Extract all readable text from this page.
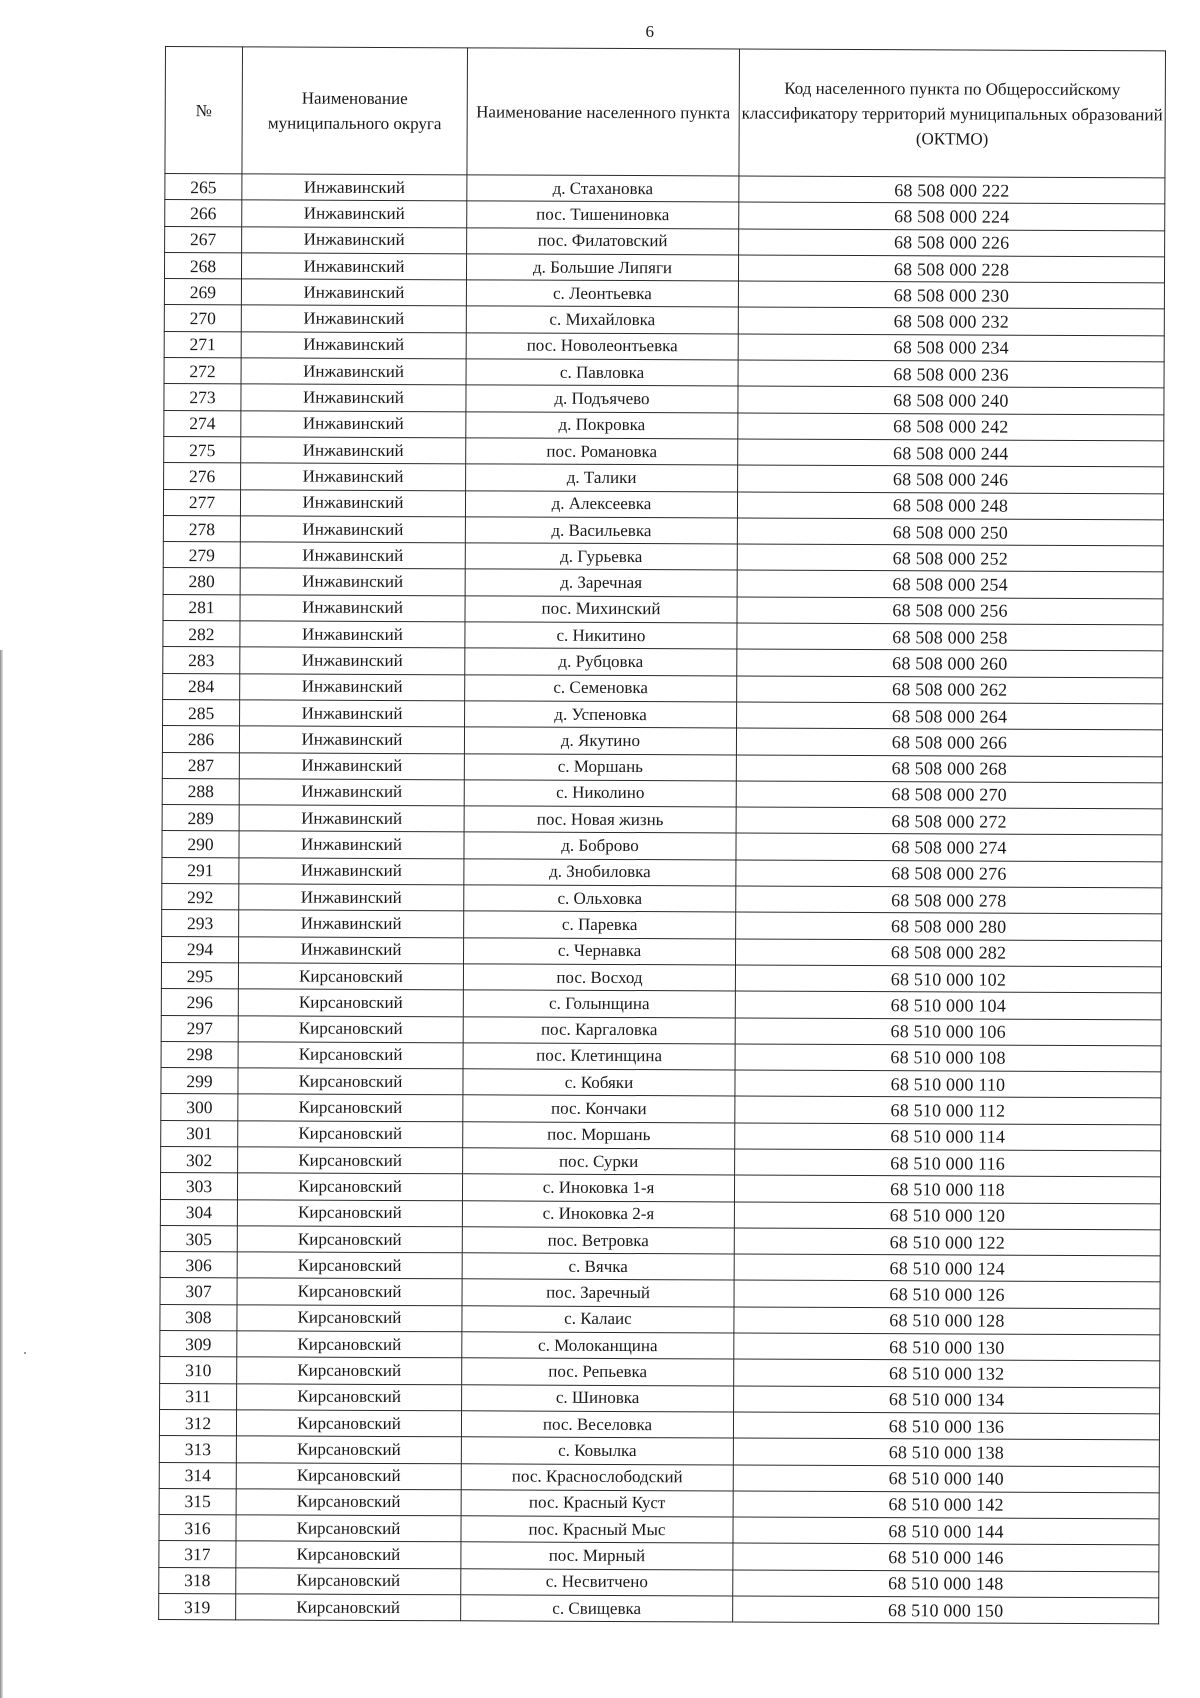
6
№	Наименование муниципального округа	Наименование населенного пункта	Код населенного пункта по Общероссийскому классификатору территорий муниципальных образований (ОКТМО)
265	Инжавинский	д. Стахановка	68 508 000 222
266	Инжавинский	пос. Тишениновка	68 508 000 224
267	Инжавинский	пос. Филатовский	68 508 000 226
268	Инжавинский	д. Большие Липяги	68 508 000 228
269	Инжавинский	с. Леонтьевка	68 508 000 230
270	Инжавинский	с. Михайловка	68 508 000 232
271	Инжавинский	пос. Новолеонтьевка	68 508 000 234
272	Инжавинский	с. Павловка	68 508 000 236
273	Инжавинский	д. Подъячево	68 508 000 240
274	Инжавинский	д. Покровка	68 508 000 242
275	Инжавинский	пос. Романовка	68 508 000 244
276	Инжавинский	д. Талики	68 508 000 246
277	Инжавинский	д. Алексеевка	68 508 000 248
278	Инжавинский	д. Васильевка	68 508 000 250
279	Инжавинский	д. Гурьевка	68 508 000 252
280	Инжавинский	д. Заречная	68 508 000 254
281	Инжавинский	пос. Михинский	68 508 000 256
282	Инжавинский	с. Никитино	68 508 000 258
283	Инжавинский	д. Рубцовка	68 508 000 260
284	Инжавинский	с. Семеновка	68 508 000 262
285	Инжавинский	д. Успеновка	68 508 000 264
286	Инжавинский	д. Якутино	68 508 000 266
287	Инжавинский	с. Моршань	68 508 000 268
288	Инжавинский	с. Николино	68 508 000 270
289	Инжавинский	пос. Новая жизнь	68 508 000 272
290	Инжавинский	д. Боброво	68 508 000 274
291	Инжавинский	д. Знобиловка	68 508 000 276
292	Инжавинский	с. Ольховка	68 508 000 278
293	Инжавинский	с. Паревка	68 508 000 280
294	Инжавинский	с. Чернавка	68 508 000 282
295	Кирсановский	пос. Восход	68 510 000 102
296	Кирсановский	с. Голынщина	68 510 000 104
297	Кирсановский	пос. Каргаловка	68 510 000 106
298	Кирсановский	пос. Клетинщина	68 510 000 108
299	Кирсановский	с. Кобяки	68 510 000 110
300	Кирсановский	пос. Кончаки	68 510 000 112
301	Кирсановский	пос. Моршань	68 510 000 114
302	Кирсановский	пос. Сурки	68 510 000 116
303	Кирсановский	с. Иноковка 1-я	68 510 000 118
304	Кирсановский	с. Иноковка 2-я	68 510 000 120
305	Кирсановский	пос. Ветровка	68 510 000 122
306	Кирсановский	с. Вячка	68 510 000 124
307	Кирсановский	пос. Заречный	68 510 000 126
308	Кирсановский	с. Калаис	68 510 000 128
309	Кирсановский	с. Молоканщина	68 510 000 130
310	Кирсановский	пос. Репьевка	68 510 000 132
311	Кирсановский	с. Шиновка	68 510 000 134
312	Кирсановский	пос. Веселовка	68 510 000 136
313	Кирсановский	с. Ковылка	68 510 000 138
314	Кирсановский	пос. Краснослободский	68 510 000 140
315	Кирсановский	пос. Красный Куст	68 510 000 142
316	Кирсановский	пос. Красный Мыс	68 510 000 144
317	Кирсановский	пос. Мирный	68 510 000 146
318	Кирсановский	с. Несвитчено	68 510 000 148
319	Кирсановский	с. Свищевка	68 510 000 150
